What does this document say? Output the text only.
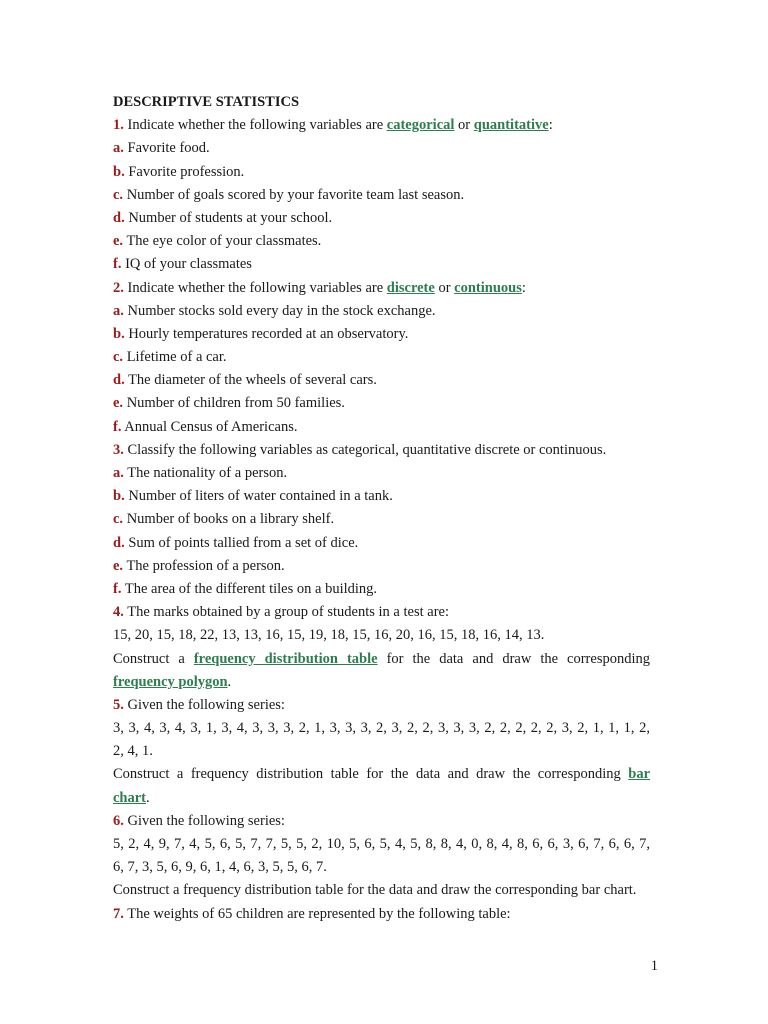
DESCRIPTIVE STATISTICS
1. Indicate whether the following variables are categorical or quantitative:
a. Favorite food.
b. Favorite profession.
c. Number of goals scored by your favorite team last season.
d. Number of students at your school.
e. The eye color of your classmates.
f. IQ of your classmates
2. Indicate whether the following variables are discrete or continuous:
a. Number stocks sold every day in the stock exchange.
b. Hourly temperatures recorded at an observatory.
c. Lifetime of a car.
d. The diameter of the wheels of several cars.
e. Number of children from 50 families.
f. Annual Census of Americans.
3. Classify the following variables as categorical, quantitative discrete or continuous.
a. The nationality of a person.
b. Number of liters of water contained in a tank.
c. Number of books on a library shelf.
d. Sum of points tallied from a set of dice.
e. The profession of a person.
f. The area of the different tiles on a building.
4. The marks obtained by a group of students in a test are:
15, 20, 15, 18, 22, 13, 13, 16, 15, 19, 18, 15, 16, 20, 16, 15, 18, 16, 14, 13.
Construct a frequency distribution table for the data and draw the corresponding
frequency polygon.
5. Given the following series:
3, 3, 4, 3, 4, 3, 1, 3, 4, 3, 3, 3, 2, 1, 3, 3, 3, 2, 3, 2, 2, 3, 3, 3, 2, 2, 2, 2, 2, 3, 2, 1, 1, 1, 2,
2, 4, 1.
Construct a frequency distribution table for the data and draw the corresponding bar
chart.
6. Given the following series:
5, 2, 4, 9, 7, 4, 5, 6, 5, 7, 7, 5, 5, 2, 10, 5, 6, 5, 4, 5, 8, 8, 4, 0, 8, 4, 8, 6, 6, 3, 6, 7, 6, 6, 7,
6, 7, 3, 5, 6, 9, 6, 1, 4, 6, 3, 5, 5, 6, 7.
Construct a frequency distribution table for the data and draw the corresponding bar chart.
7. The weights of 65 children are represented by the following table:
1
